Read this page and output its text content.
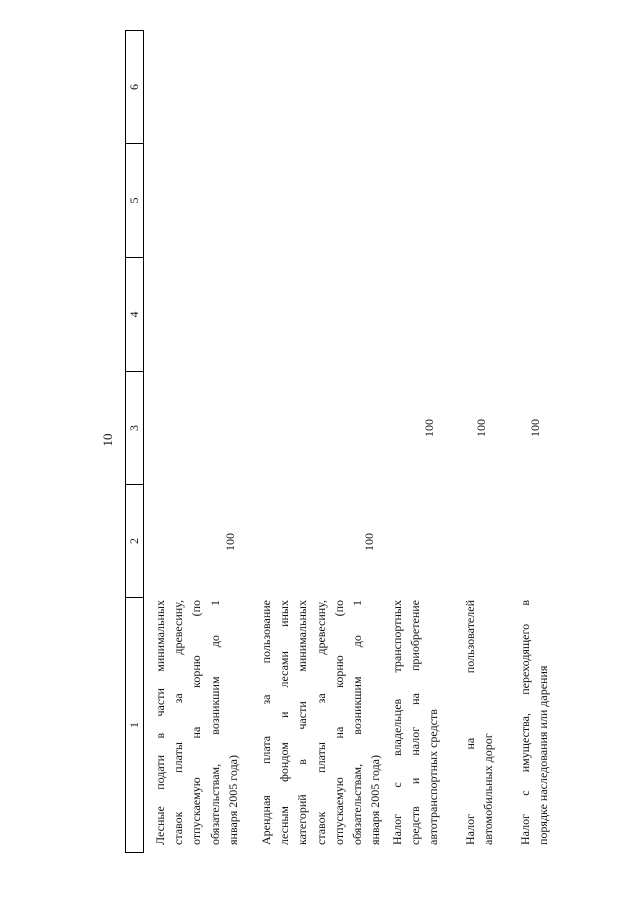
10
1
2
3
4
5
6
Лесные подати в части минимальных ставок платы за древесину, отпускаемую на корню (по обязательствам, возникшим до 1 января 2005 года)
100
Арендная плата за пользование лесным фондом и лесами иных категорий в части минимальных ставок платы за древесину, отпускаемую на корню (по обязательствам, возникшим до 1 января 2005 года)
100
Налог с владельцев транспортных средств и налог на приобретение автотранспортных средств
100
Налог на пользователей автомобильных дорог
100
Налог с имущества, переходящего в порядке наследования или дарения
100
